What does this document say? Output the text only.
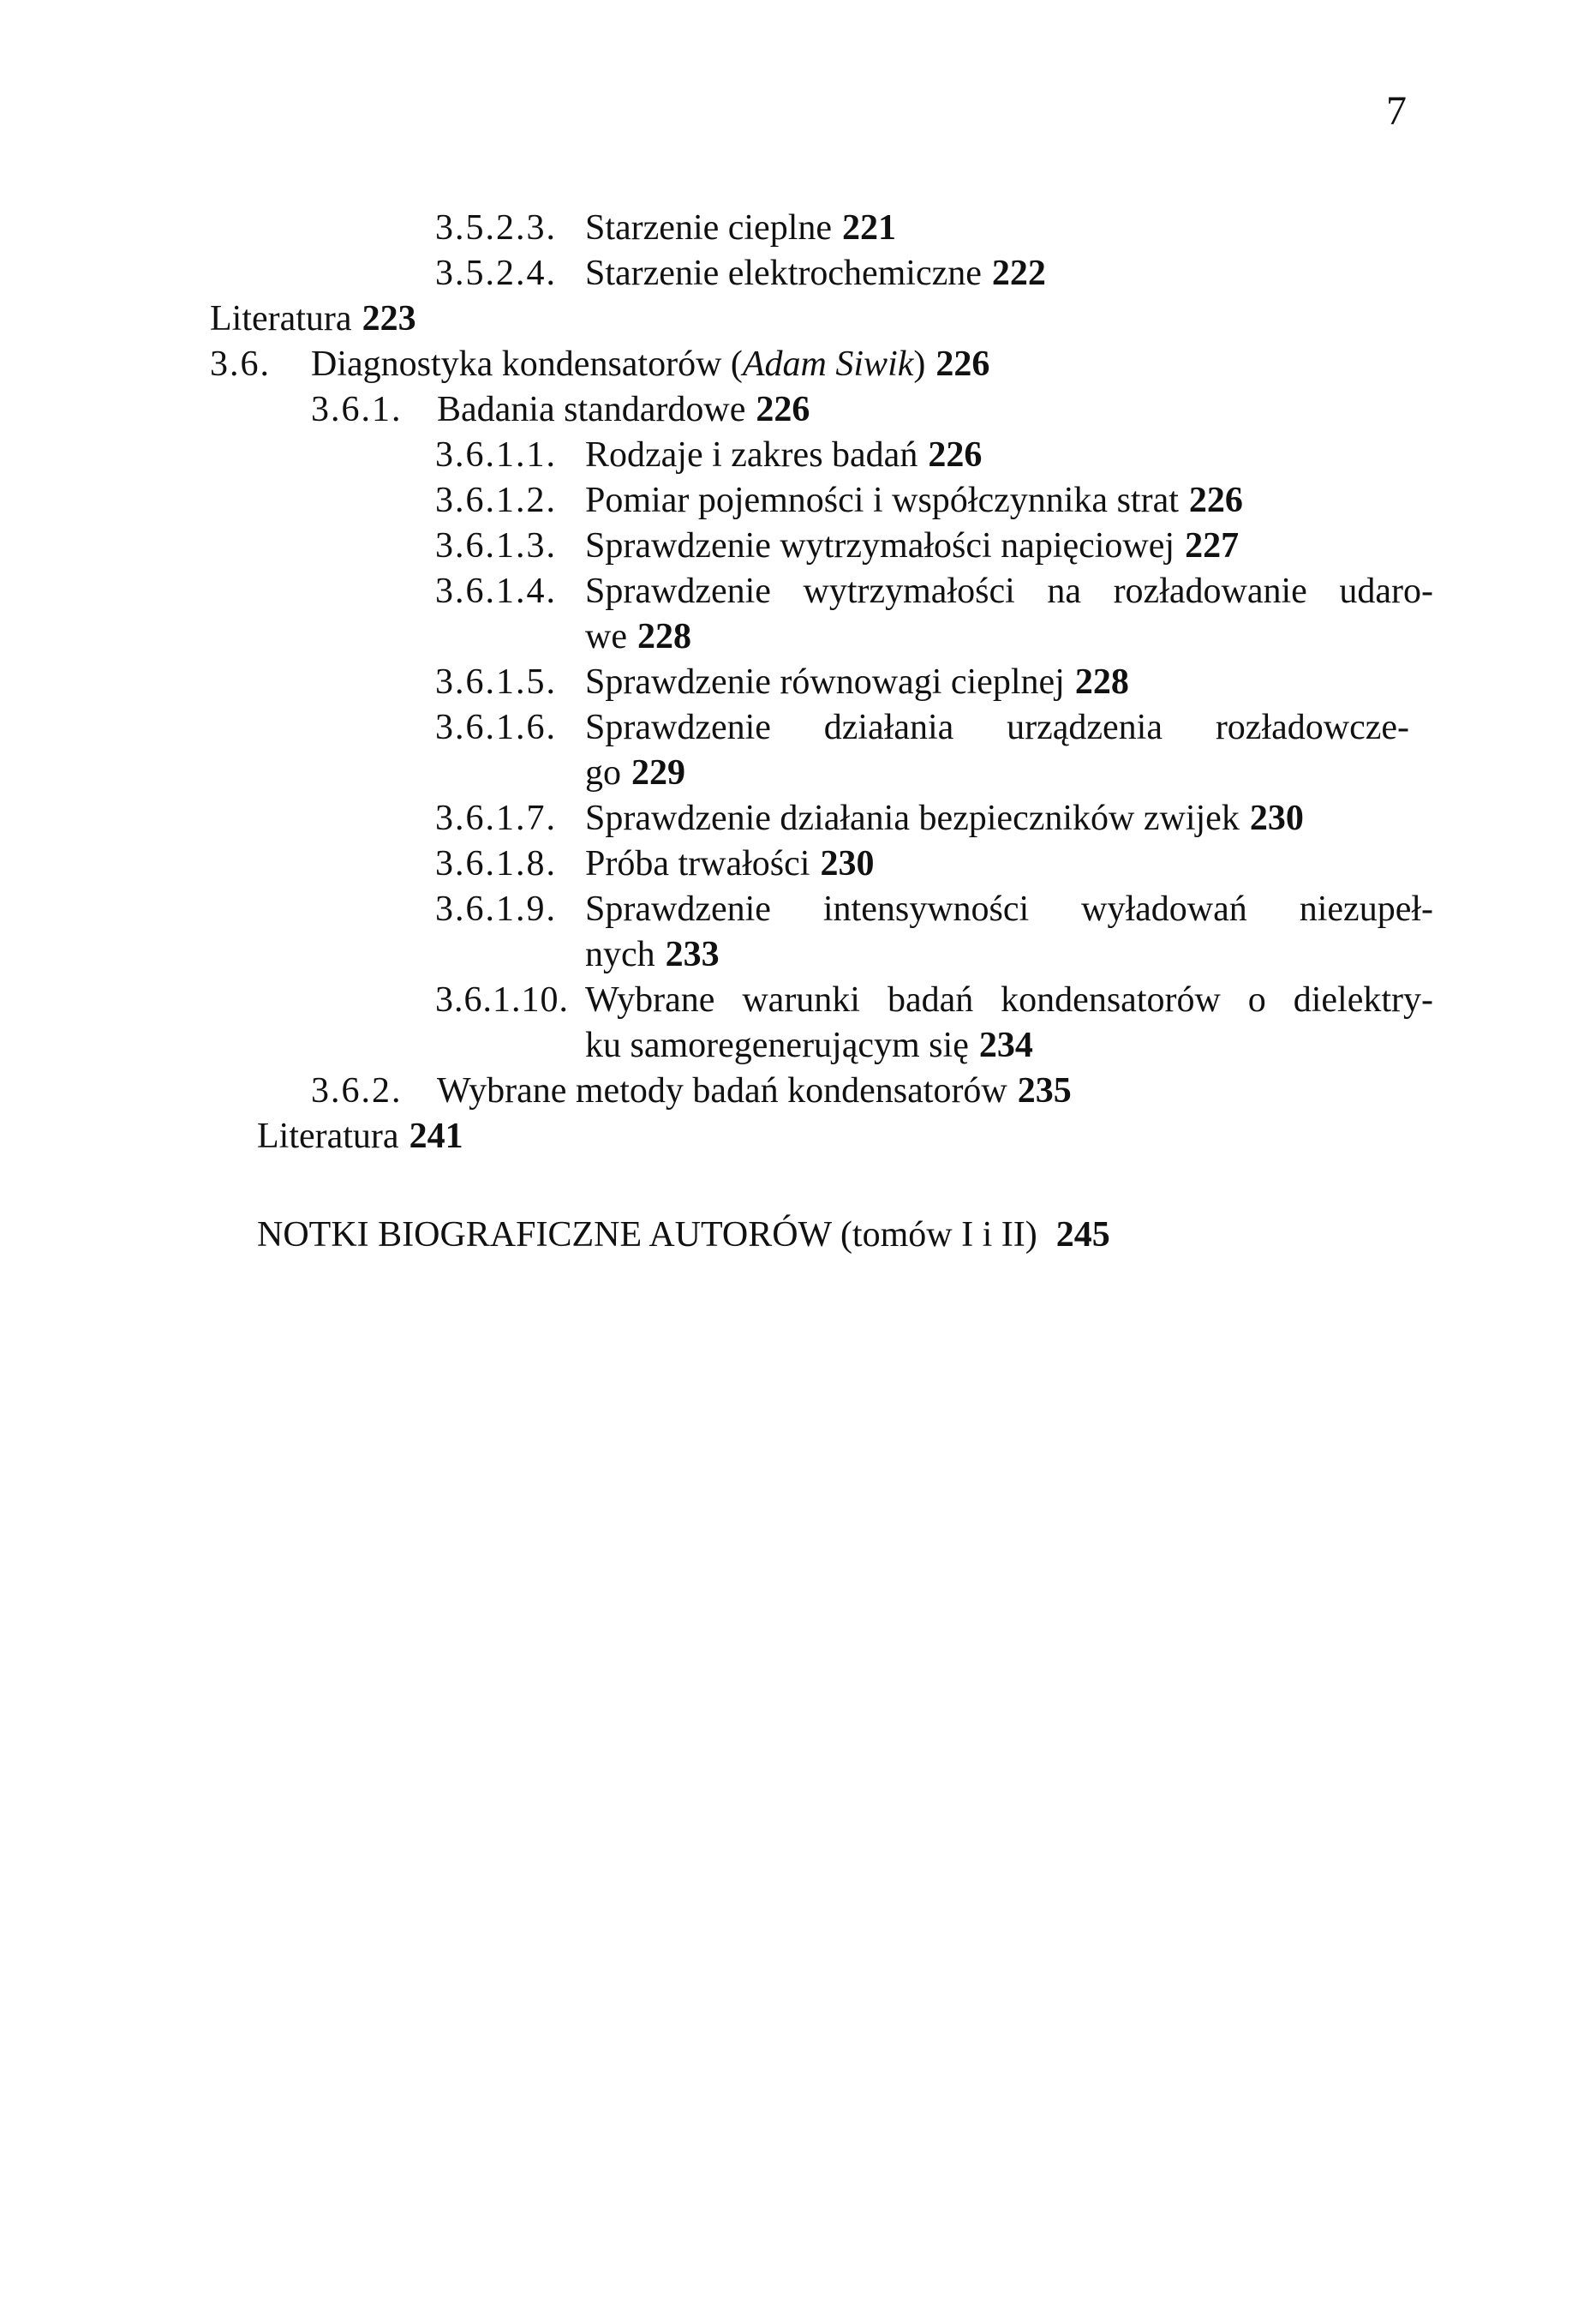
7
3.5.2.3. Starzenie cieplne 221
3.5.2.4. Starzenie elektrochemiczne 222
Literatura 223
3.6. Diagnostyka kondensatorów (Adam Siwik) 226
3.6.1. Badania standardowe 226
3.6.1.1. Rodzaje i zakres badań 226
3.6.1.2. Pomiar pojemności i współczynnika strat 226
3.6.1.3. Sprawdzenie wytrzymałości napięciowej 227
3.6.1.4. Sprawdzenie wytrzymałości na rozładowanie udaro-
we 228
3.6.1.5. Sprawdzenie równowagi cieplnej 228
3.6.1.6. Sprawdzenie działania urządzenia rozładowcze-
go 229
3.6.1.7. Sprawdzenie działania bezpieczników zwijek 230
3.6.1.8. Próba trwałości 230
3.6.1.9. Sprawdzenie intensywności wyładowań niezupeł-
nych 233
3.6.1.10. Wybrane warunki badań kondensatorów o dielektry-
ku samoregenerującym się 234
3.6.2. Wybrane metody badań kondensatorów 235
Literatura 241
NOTKI BIOGRAFICZNE AUTORÓW (tomów I i II) 245
